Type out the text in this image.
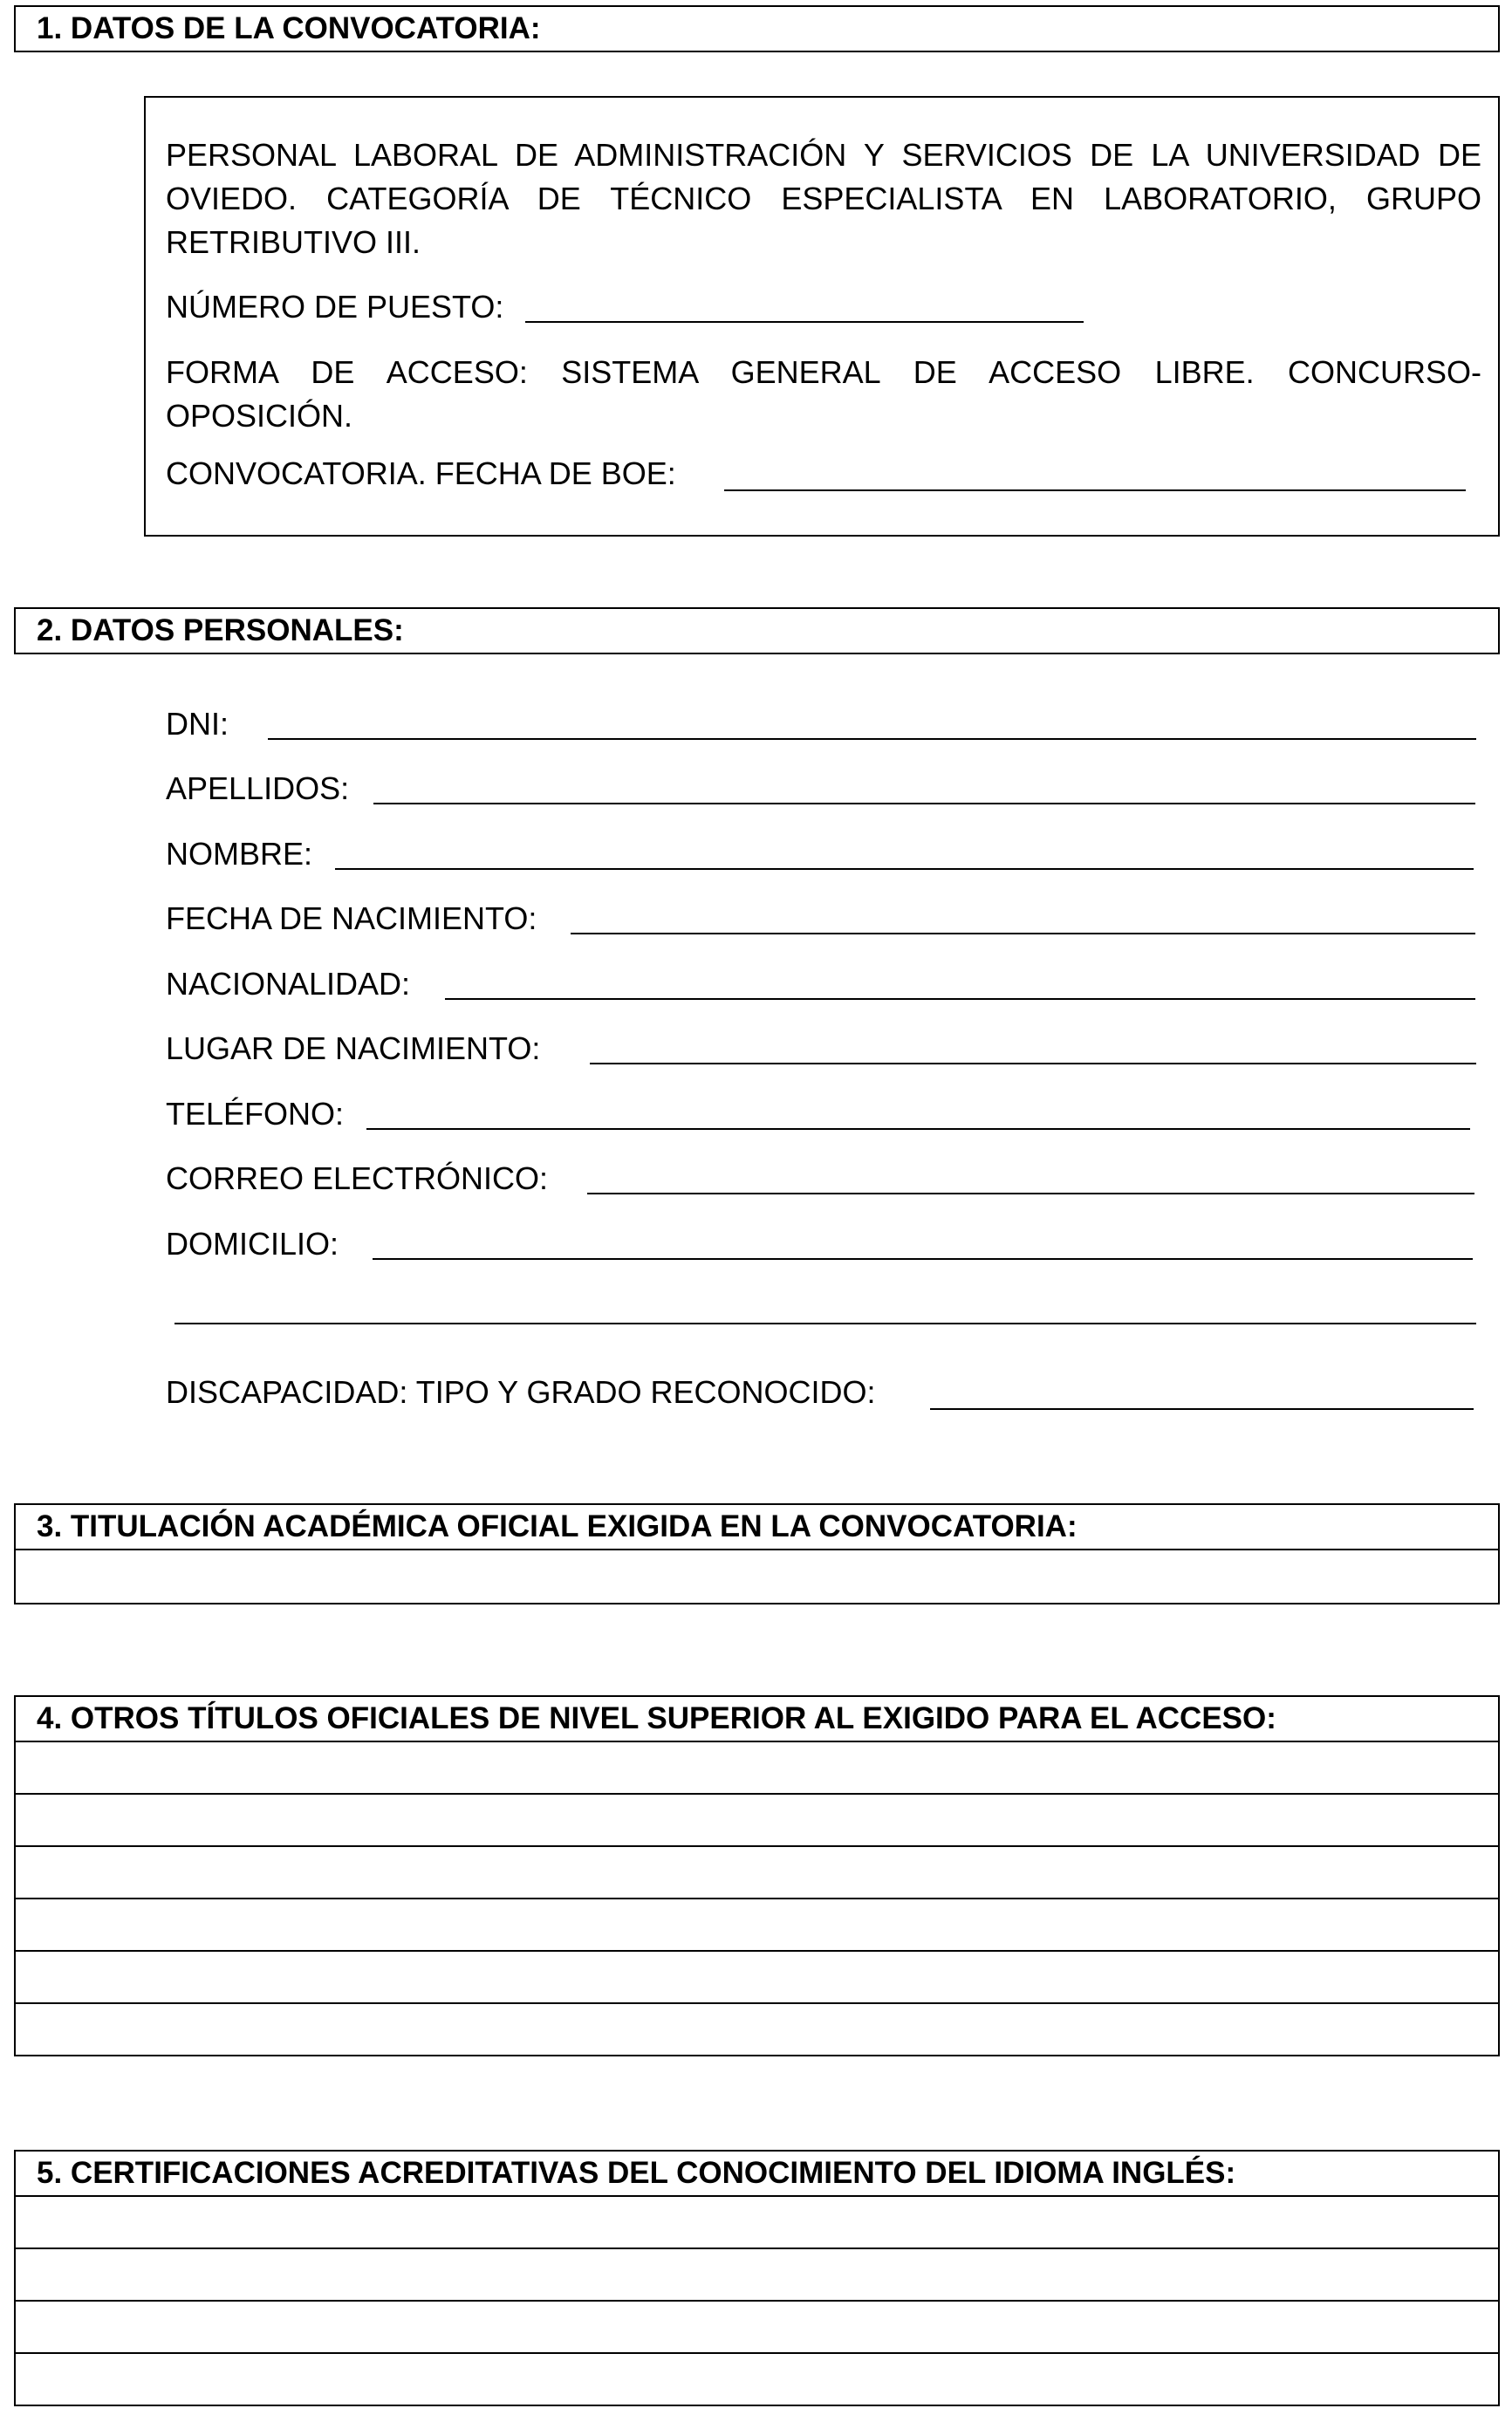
1. DATOS DE LA CONVOCATORIA:
PERSONAL LABORAL DE ADMINISTRACIÓN Y SERVICIOS DE LA UNIVERSIDAD DE
OVIEDO. CATEGORÍA DE TÉCNICO ESPECIALISTA EN LABORATORIO, GRUPO
RETRIBUTIVO III.
NÚMERO DE PUESTO:
FORMA DE ACCESO: SISTEMA GENERAL DE ACCESO LIBRE. CONCURSO-
OPOSICIÓN.
CONVOCATORIA. FECHA DE BOE:
2. DATOS PERSONALES:
DNI:
APELLIDOS:
NOMBRE:
FECHA DE NACIMIENTO:
NACIONALIDAD:
LUGAR DE NACIMIENTO:
TELÉFONO:
CORREO ELECTRÓNICO:
DOMICILIO:
DISCAPACIDAD: TIPO Y GRADO RECONOCIDO:
3. TITULACIÓN ACADÉMICA OFICIAL EXIGIDA EN LA CONVOCATORIA:
4. OTROS TÍTULOS OFICIALES DE NIVEL SUPERIOR AL EXIGIDO PARA EL ACCESO:
5. CERTIFICACIONES ACREDITATIVAS DEL CONOCIMIENTO DEL IDIOMA INGLÉS:
